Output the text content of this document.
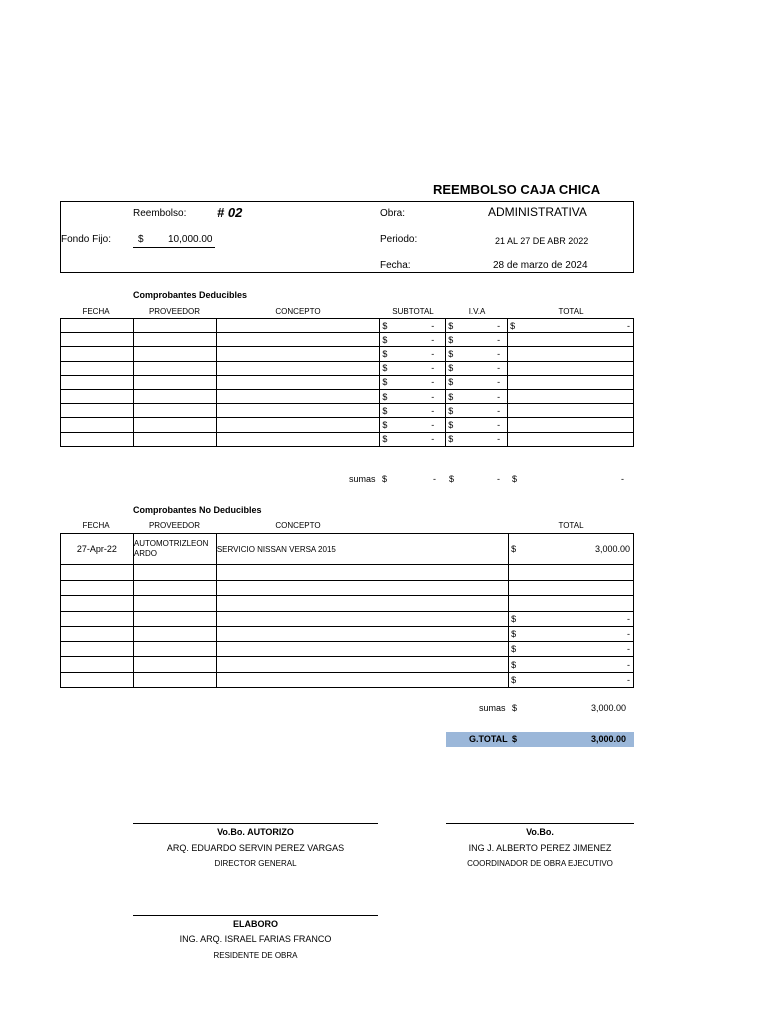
REEMBOLSO CAJA CHICA
Reembolso: # 02
Fondo Fijo:	$ 10,000.00
Obra:	ADMINISTRATIVA
Periodo:	21 AL 27 DE ABR 2022
Fecha:	28 de marzo de 2024
Comprobantes Deducibles
FECHA	PROVEEDOR	CONCEPTO	SUBTOTAL	I.V.A	TOTAL

			$ -	$ -	$ -

			$ -	$ -	

			$ -	$ -	

			$ -	$ -	

			$ -	$ -	

			$ -	$ -	

			$ -	$ -	

			$ -	$ -	

			$ -	$ -	

sumas $	- $	- $	-
Comprobantes No Deducibles
FECHA	PROVEEDOR	CONCEPTO	TOTAL
27-Apr-22	AUTOMOTRIZLEON ARDO	SERVICIO NISSAN VERSA 2015	$ 3,000.00

			$ -

			$ -

			$ -

			$ -

			$ -
sumas $	3,000.00
G.TOTAL $	3,000.00
Vo.Bo. AUTORIZO
ARQ. EDUARDO SERVIN PEREZ VARGAS
DIRECTOR GENERAL
Vo.Bo.
ING J. ALBERTO PEREZ JIMENEZ
COORDINADOR DE OBRA EJECUTIVO
ELABORO
ING. ARQ. ISRAEL FARIAS FRANCO
RESIDENTE DE OBRA
